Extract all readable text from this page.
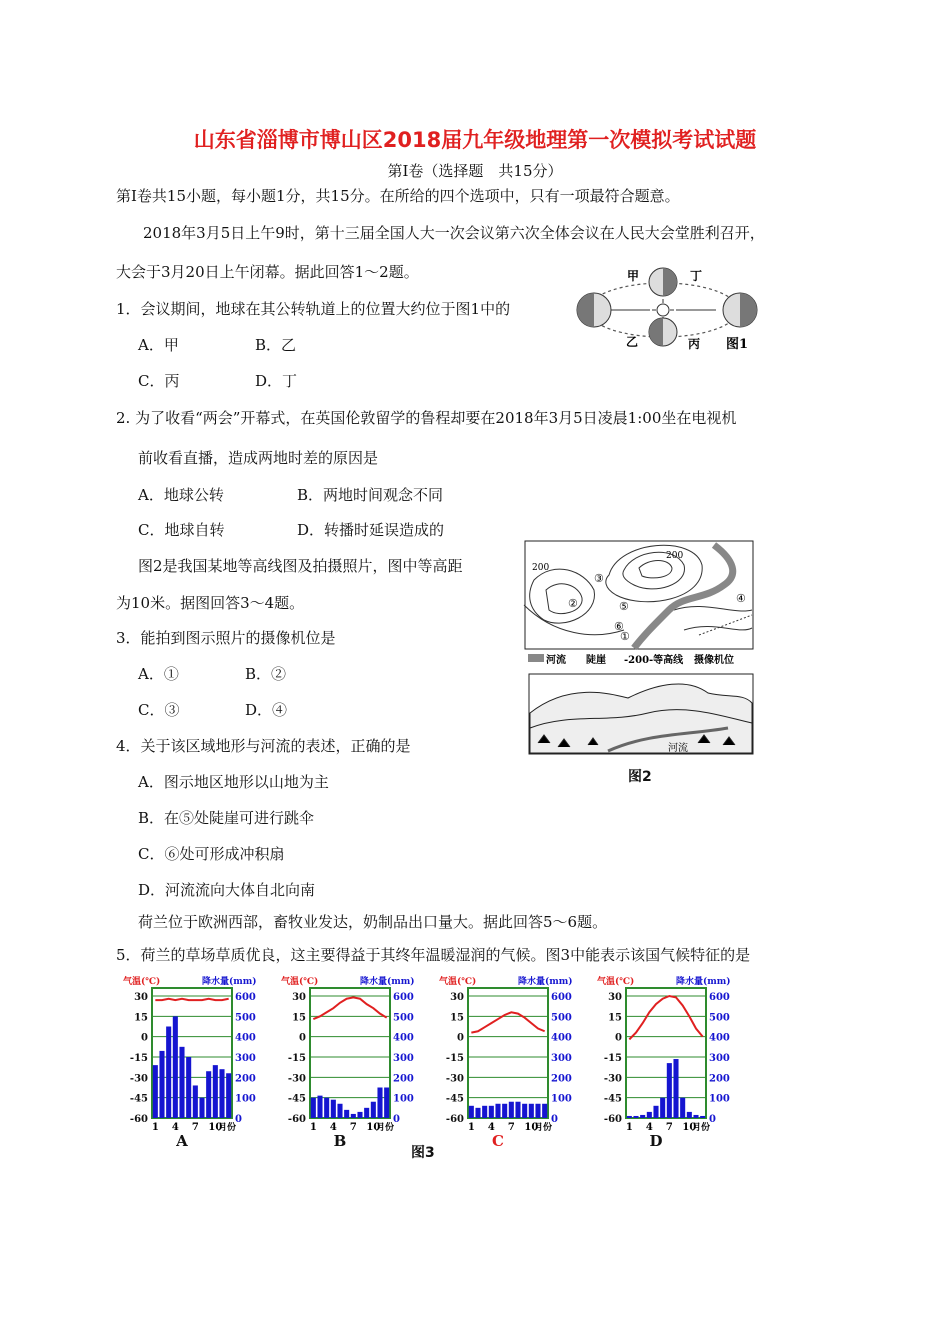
山东省淄博市博山区2018届九年级地理第一次模拟考试试题
第Ⅰ卷（选择题　共15分）
第Ⅰ卷共15小题，每小题1分，共15分。在所给的四个选项中，只有一项最符合题意。
2018年3月5日上午9时，第十三届全国人大一次会议第六次全体会议在人民大会堂胜利召开，
大会于3月20日上午闭幕。据此回答1～2题。
1．会议期间，地球在其公转轨道上的位置大约位于图1中的
A．甲	B．乙
C．丙	D．丁
2. 为了收看“两会”开幕式，在英国伦敦留学的鲁程却要在2018年3月5日凌晨1:00坐在电视机
前收看直播，造成两地时差的原因是
A．地球公转	B．两地时间观念不同
C．地球自转	D．转播时延误造成的
图2是我国某地等高线图及拍摄照片，图中等高距
为10米。据图回答3～4题。
3．能拍到图示照片的摄像机位是
A．①	B．②
C．③	D．④
4．关于该区域地形与河流的表述，正确的是
A．图示地区地形以山地为主
B．在⑤处陡崖可进行跳伞
C．⑥处可形成冲积扇
D．河流流向大体自北向南
荷兰位于欧洲西部，畜牧业发达，奶制品出口量大。据此回答5～6题。
5．荷兰的草场草质优良，这主要得益于其终年温暖湿润的气候。图3中能表示该国气候特征的是
甲	丁
乙	丙 图1
200
200
①
②
③
④
⑤
⑥
河流 陡崖 -200-等高线 摄像机位
河流
图2
气温(℃)	降水量(mm)
30
15
0
-15
-30
-45
-60
600
500
400
300
200
100
0
1 4 7 10
月份
A
气温(℃)	降水量(mm)
30
15
0
-15
-30
-45
-60
600
500
400
300
200
100
0
1 4 7 10
月份
B
气温(℃)	降水量(mm)
30
15
0
-15
-30
-45
-60
600
500
400
300
200
100
0
1 4 7 10
月份
C
气温(℃)	降水量(mm)
30
15
0
-15
-30
-45
-60
600
500
400
300
200
100
0
1 4 7 10
月份
D
图3
